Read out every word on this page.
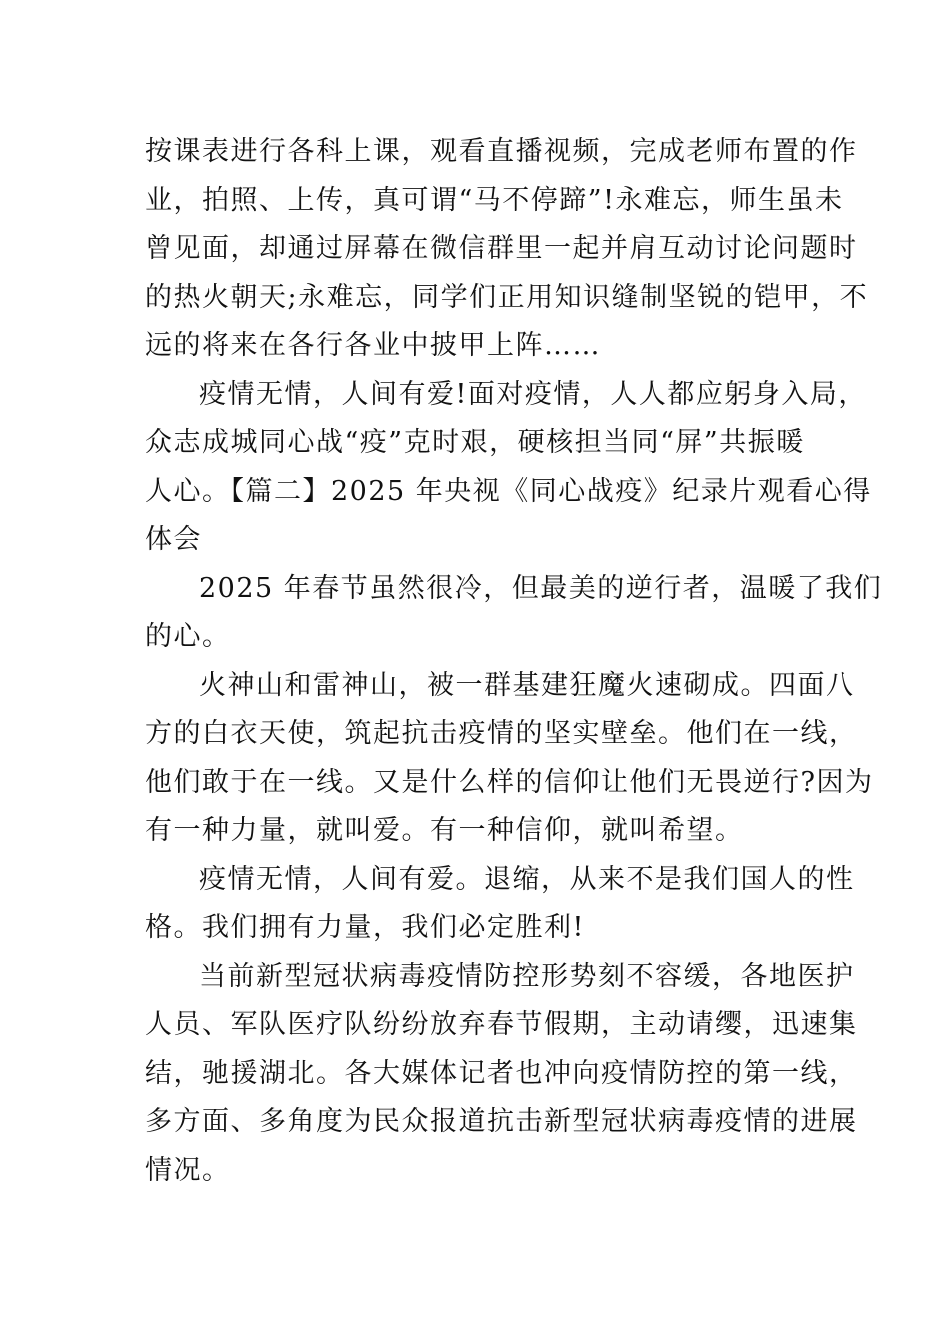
按课表进行各科上课，观看直播视频，完成老师布置的作
业，拍照、上传，真可谓“马不停蹄”!永难忘，师生虽未
曾见面，却通过屏幕在微信群里一起并肩互动讨论问题时
的热火朝天;永难忘，同学们正用知识缝制坚锐的铠甲，不
远的将来在各行各业中披甲上阵……
疫情无情，人间有爱!面对疫情，人人都应躬身入局，
众志成城同心战“疫”克时艰，硬核担当同“屏”共振暖
人心。【篇二】2025 年央视《同心战疫》纪录片观看心得
体会
2025 年春节虽然很冷，但最美的逆行者，温暖了我们
的心。
火神山和雷神山，被一群基建狂魔火速砌成。四面八
方的白衣天使，筑起抗击疫情的坚实壁垒。他们在一线，
他们敢于在一线。又是什么样的信仰让他们无畏逆行?因为
有一种力量，就叫爱。有一种信仰，就叫希望。
疫情无情，人间有爱。退缩，从来不是我们国人的性
格。我们拥有力量，我们必定胜利!
当前新型冠状病毒疫情防控形势刻不容缓，各地医护
人员、军队医疗队纷纷放弃春节假期，主动请缨，迅速集
结，驰援湖北。各大媒体记者也冲向疫情防控的第一线，
多方面、多角度为民众报道抗击新型冠状病毒疫情的进展
情况。
